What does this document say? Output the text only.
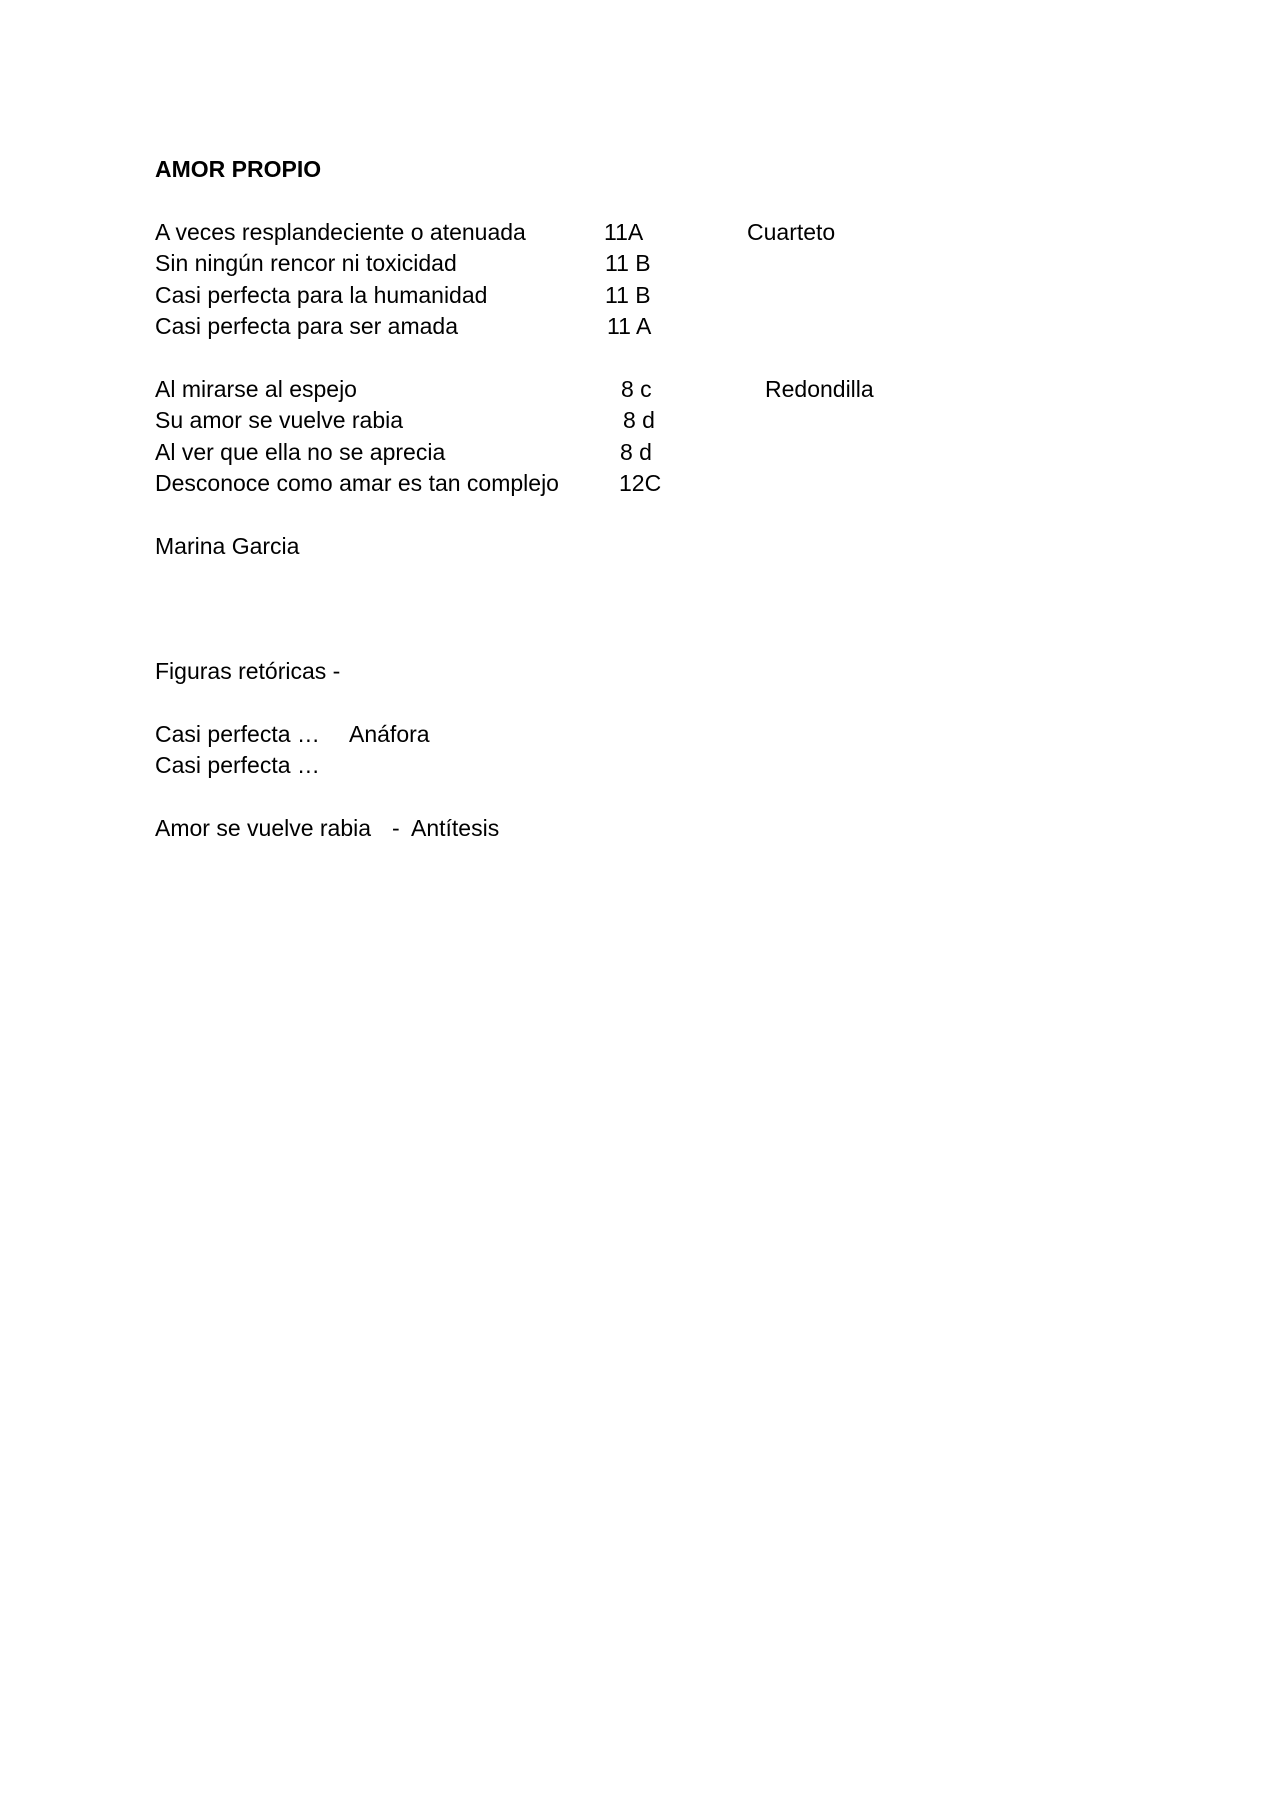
AMOR PROPIO
A veces resplandeciente o atenuada	11A	Cuarteto
Sin ningún rencor ni toxicidad	11 B
Casi perfecta para la humanidad	11 B
Casi perfecta para ser amada	11 A
Al mirarse al espejo	8 c	Redondilla
Su amor se vuelve rabia	8 d
Al ver que ella no se aprecia	8 d
Desconoce como amar es tan complejo	12C
Marina Garcia
Figuras retóricas -
Casi perfecta … Anáfora
Casi perfecta …
Amor se vuelve rabia - Antítesis
